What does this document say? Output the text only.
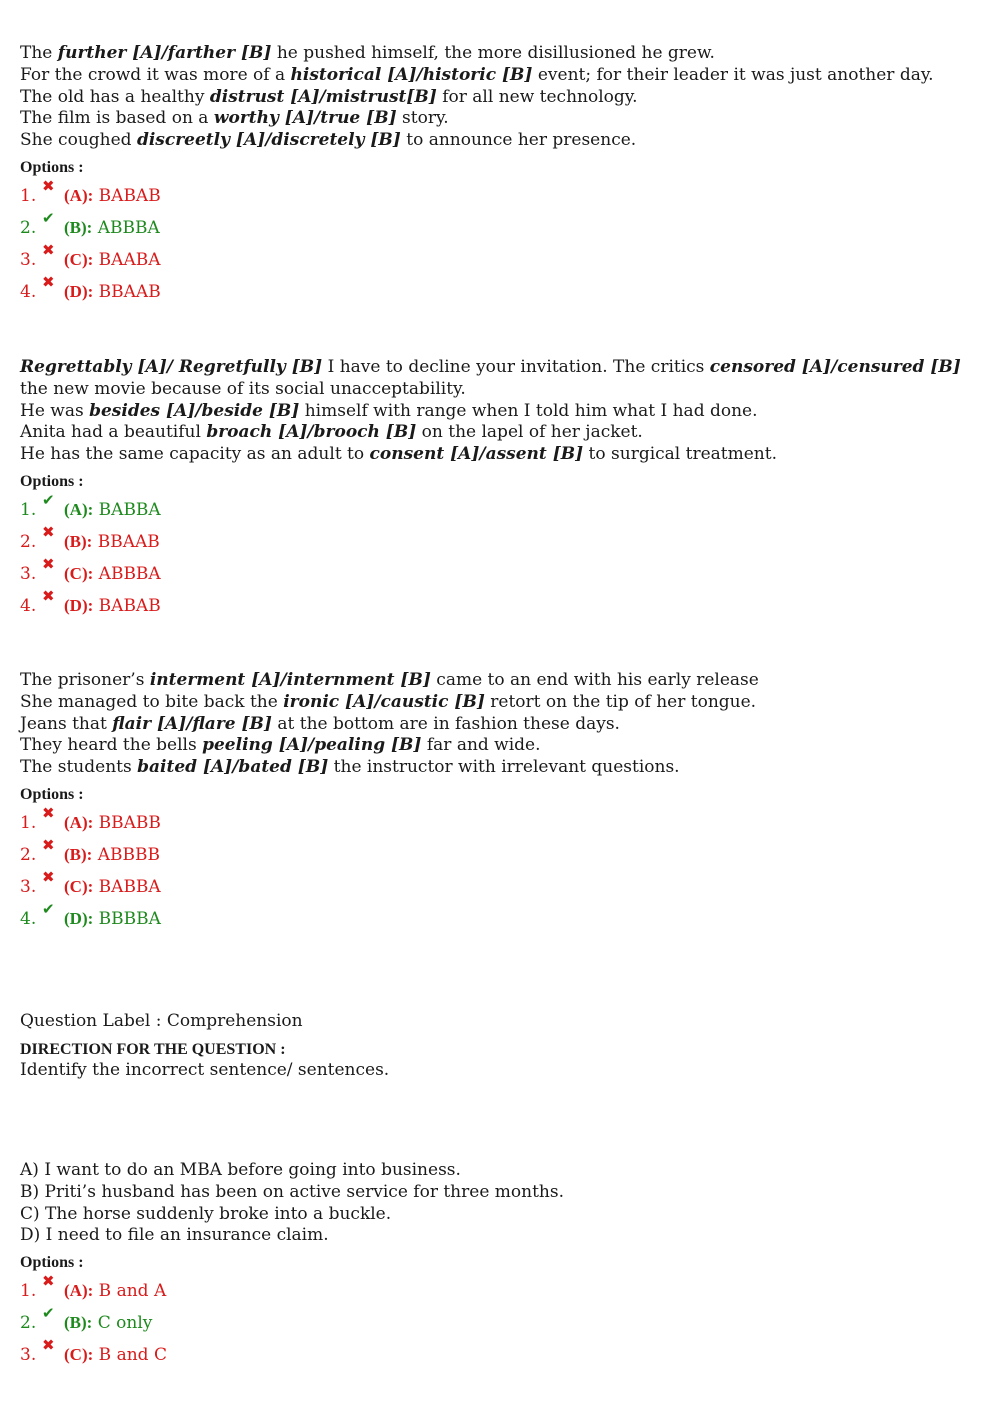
The further [A]/farther [B] he pushed himself, the more disillusioned he grew.
For the crowd it was more of a historical [A]/historic [B] event; for their leader it was just another day.
The old has a healthy distrust [A]/mistrust[B] for all new technology.
The film is based on a worthy [A]/true [B] story.
She coughed discreetly [A]/discretely [B] to announce her presence.
Options :
1. ✖ (A): BABAB
2. ✔ (B): ABBBA
3. ✖ (C): BAABA
4. ✖ (D): BBAAB
Regrettably [A]/ Regretfully [B] I have to decline your invitation. The critics censored [A]/censured [B] the new movie because of its social unacceptability.
He was besides [A]/beside [B] himself with range when I told him what I had done.
Anita had a beautiful broach [A]/brooch [B] on the lapel of her jacket.
He has the same capacity as an adult to consent [A]/assent [B] to surgical treatment.
Options :
1. ✔ (A): BABBA
2. ✖ (B): BBAAB
3. ✖ (C): ABBBA
4. ✖ (D): BABAB
The prisoner’s interment [A]/internment [B] came to an end with his early release
She managed to bite back the ironic [A]/caustic [B] retort on the tip of her tongue.
Jeans that flair [A]/flare [B] at the bottom are in fashion these days.
They heard the bells peeling [A]/pealing [B] far and wide.
The students baited [A]/bated [B] the instructor with irrelevant questions.
Options :
1. ✖ (A): BBABB
2. ✖ (B): ABBBB
3. ✖ (C): BABBA
4. ✔ (D): BBBBA
Question Label : Comprehension
DIRECTION FOR THE QUESTION :
Identify the incorrect sentence/ sentences.
A) I want to do an MBA before going into business.
B) Priti’s husband has been on active service for three months.
C) The horse suddenly broke into a buckle.
D) I need to file an insurance claim.
Options :
1. ✖ (A): B and A
2. ✔ (B): C only
3. ✖ (C): B and C
